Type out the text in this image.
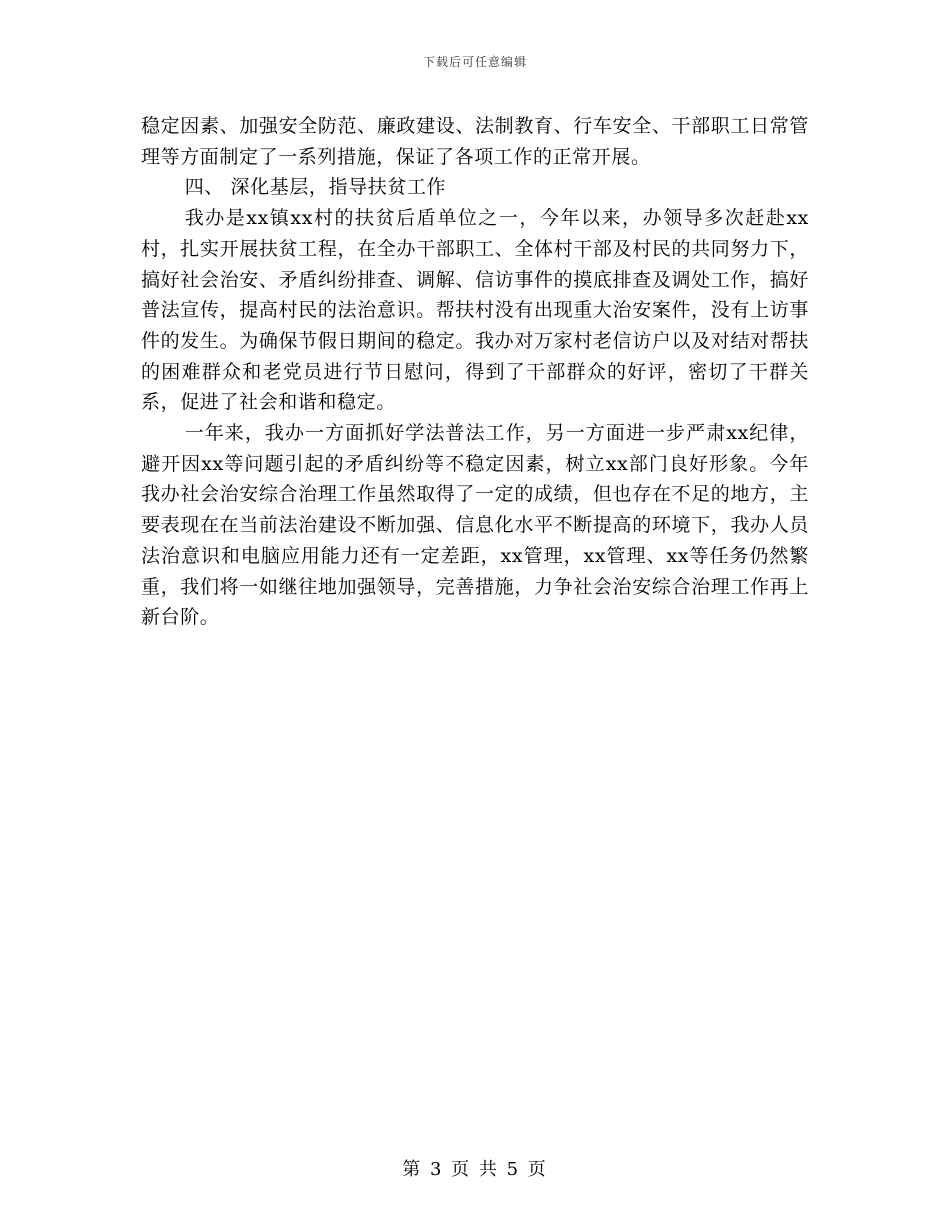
下载后可任意编辑

稳定因素、加强安全防范、廉政建设、法制教育、行车安全、干部职工日常管理等方面制定了一系列措施，保证了各项工作的正常开展。

四、 深化基层，指导扶贫工作

我办是xx镇xx村的扶贫后盾单位之一，今年以来，办领导多次赶赴xx村，扎实开展扶贫工程，在全办干部职工、全体村干部及村民的共同努力下，搞好社会治安、矛盾纠纷排查、调解、信访事件的摸底排查及调处工作，搞好普法宣传，提高村民的法治意识。帮扶村没有出现重大治安案件，没有上访事件的发生。为确保节假日期间的稳定。我办对万家村老信访户以及对结对帮扶的困难群众和老党员进行节日慰问，得到了干部群众的好评，密切了干群关系，促进了社会和谐和稳定。

一年来，我办一方面抓好学法普法工作，另一方面进一步严肃xx纪律，避开因xx等问题引起的矛盾纠纷等不稳定因素，树立xx部门良好形象。今年我办社会治安综合治理工作虽然取得了一定的成绩，但也存在不足的地方，主要表现在在当前法治建设不断加强、信息化水平不断提高的环境下，我办人员法治意识和电脑应用能力还有一定差距，xx管理，xx管理、xx等任务仍然繁重，我们将一如继往地加强领导，完善措施，力争社会治安综合治理工作再上新台阶。

第 3 页 共 5 页
